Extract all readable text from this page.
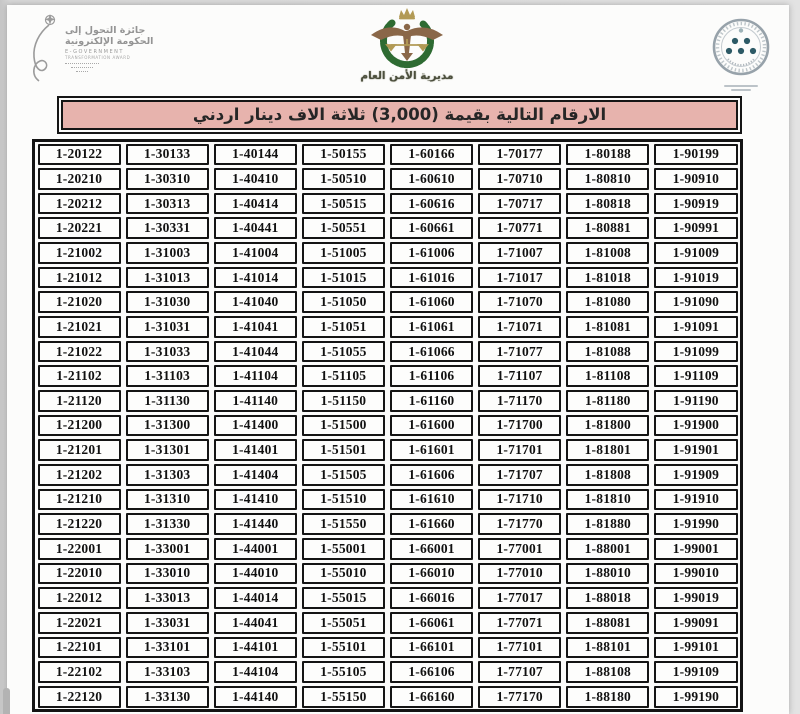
جائزة التحول إلى
الحكومة الإلكترونية
E-GOVERNMENT
TRANSFORMATION AWARD
مديرية الأمن العام
الارقام التالية بقيمة (3,000) ثلاثة الاف دينار اردني
1-20122	1-30133	1-40144	1-50155	1-60166	1-70177	1-80188	1-90199
1-20210	1-30310	1-40410	1-50510	1-60610	1-70710	1-80810	1-90910
1-20212	1-30313	1-40414	1-50515	1-60616	1-70717	1-80818	1-90919
1-20221	1-30331	1-40441	1-50551	1-60661	1-70771	1-80881	1-90991
1-21002	1-31003	1-41004	1-51005	1-61006	1-71007	1-81008	1-91009
1-21012	1-31013	1-41014	1-51015	1-61016	1-71017	1-81018	1-91019
1-21020	1-31030	1-41040	1-51050	1-61060	1-71070	1-81080	1-91090
1-21021	1-31031	1-41041	1-51051	1-61061	1-71071	1-81081	1-91091
1-21022	1-31033	1-41044	1-51055	1-61066	1-71077	1-81088	1-91099
1-21102	1-31103	1-41104	1-51105	1-61106	1-71107	1-81108	1-91109
1-21120	1-31130	1-41140	1-51150	1-61160	1-71170	1-81180	1-91190
1-21200	1-31300	1-41400	1-51500	1-61600	1-71700	1-81800	1-91900
1-21201	1-31301	1-41401	1-51501	1-61601	1-71701	1-81801	1-91901
1-21202	1-31303	1-41404	1-51505	1-61606	1-71707	1-81808	1-91909
1-21210	1-31310	1-41410	1-51510	1-61610	1-71710	1-81810	1-91910
1-21220	1-31330	1-41440	1-51550	1-61660	1-71770	1-81880	1-91990
1-22001	1-33001	1-44001	1-55001	1-66001	1-77001	1-88001	1-99001
1-22010	1-33010	1-44010	1-55010	1-66010	1-77010	1-88010	1-99010
1-22012	1-33013	1-44014	1-55015	1-66016	1-77017	1-88018	1-99019
1-22021	1-33031	1-44041	1-55051	1-66061	1-77071	1-88081	1-99091
1-22101	1-33101	1-44101	1-55101	1-66101	1-77101	1-88101	1-99101
1-22102	1-33103	1-44104	1-55105	1-66106	1-77107	1-88108	1-99109
1-22120	1-33130	1-44140	1-55150	1-66160	1-77170	1-88180	1-99190
